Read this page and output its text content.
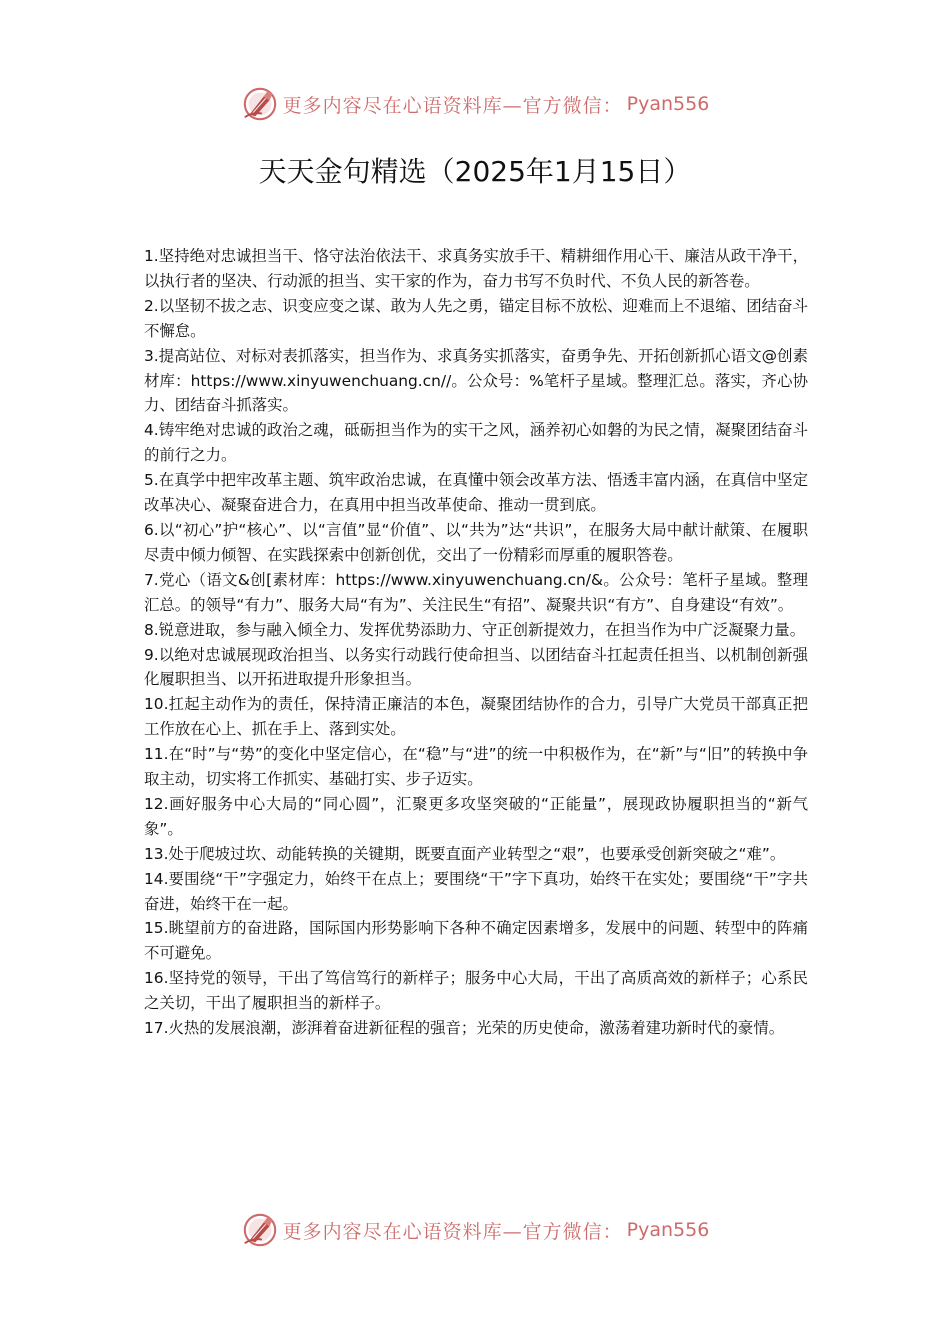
更多内容尽在心语资料库—官方微信： Pyan556
天天金句精选（2025年1月15日）

1.坚持绝对忠诚担当干、恪守法治依法干、求真务实放手干、精耕细作用心干、廉洁从政干净干，以执行者的坚决、行动派的担当、实干家的作为，奋力书写不负时代、不负人民的新答卷。

2.以坚韧不拔之志、识变应变之谋、敢为人先之勇，锚定目标不放松、迎难而上不退缩、团结奋斗不懈怠。

3.提高站位、对标对表抓落实，担当作为、求真务实抓落实，奋勇争先、开拓创新抓心语文@创素材库：https://www.xinyuwenchuang.cn//。公众号：%笔杆子星域。整理汇总。落实，齐心协力、团结奋斗抓落实。

4.铸牢绝对忠诚的政治之魂，砥砺担当作为的实干之风，涵养初心如磐的为民之情，凝聚团结奋斗的前行之力。

5.在真学中把牢改革主题、筑牢政治忠诚，在真懂中领会改革方法、悟透丰富内涵，在真信中坚定改革决心、凝聚奋进合力，在真用中担当改革使命、推动一贯到底。

6.以“初心”护“核心”、以“言值”显“价值”、以“共为”达“共识”，在服务大局中献计献策、在履职尽责中倾力倾智、在实践探索中创新创优，交出了一份精彩而厚重的履职答卷。

7.党心（语文&创[素材库：https://www.xinyuwenchuang.cn/&。公众号：笔杆子星域。整理汇总。的领导“有力”、服务大局“有为”、关注民生“有招”、凝聚共识“有方”、自身建设“有效”。

8.锐意进取，参与融入倾全力、发挥优势添助力、守正创新提效力，在担当作为中广泛凝聚力量。

9.以绝对忠诚展现政治担当、以务实行动践行使命担当、以团结奋斗扛起责任担当、以机制创新强化履职担当、以开拓进取提升形象担当。

10.扛起主动作为的责任，保持清正廉洁的本色，凝聚团结协作的合力，引导广大党员干部真正把工作放在心上、抓在手上、落到实处。

11.在“时”与“势”的变化中坚定信心，在“稳”与“进”的统一中积极作为，在“新”与“旧”的转换中争取主动，切实将工作抓实、基础打实、步子迈实。

12.画好服务中心大局的“同心圆”，汇聚更多攻坚突破的“正能量”，展现政协履职担当的“新气象”。

13.处于爬坡过坎、动能转换的关键期，既要直面产业转型之“艰”，也要承受创新突破之“难”。

14.要围绕“干”字强定力，始终干在点上；要围绕“干”字下真功，始终干在实处；要围绕“干”字共奋进，始终干在一起。

15.眺望前方的奋进路，国际国内形势影响下各种不确定因素增多，发展中的问题、转型中的阵痛不可避免。

16.坚持党的领导，干出了笃信笃行的新样子；服务中心大局，干出了高质高效的新样子；心系民之关切，干出了履职担当的新样子。

17.火热的发展浪潮，澎湃着奋进新征程的强音；光荣的历史使命，激荡着建功新时代的豪情。

更多内容尽在心语资料库—官方微信： Pyan556
